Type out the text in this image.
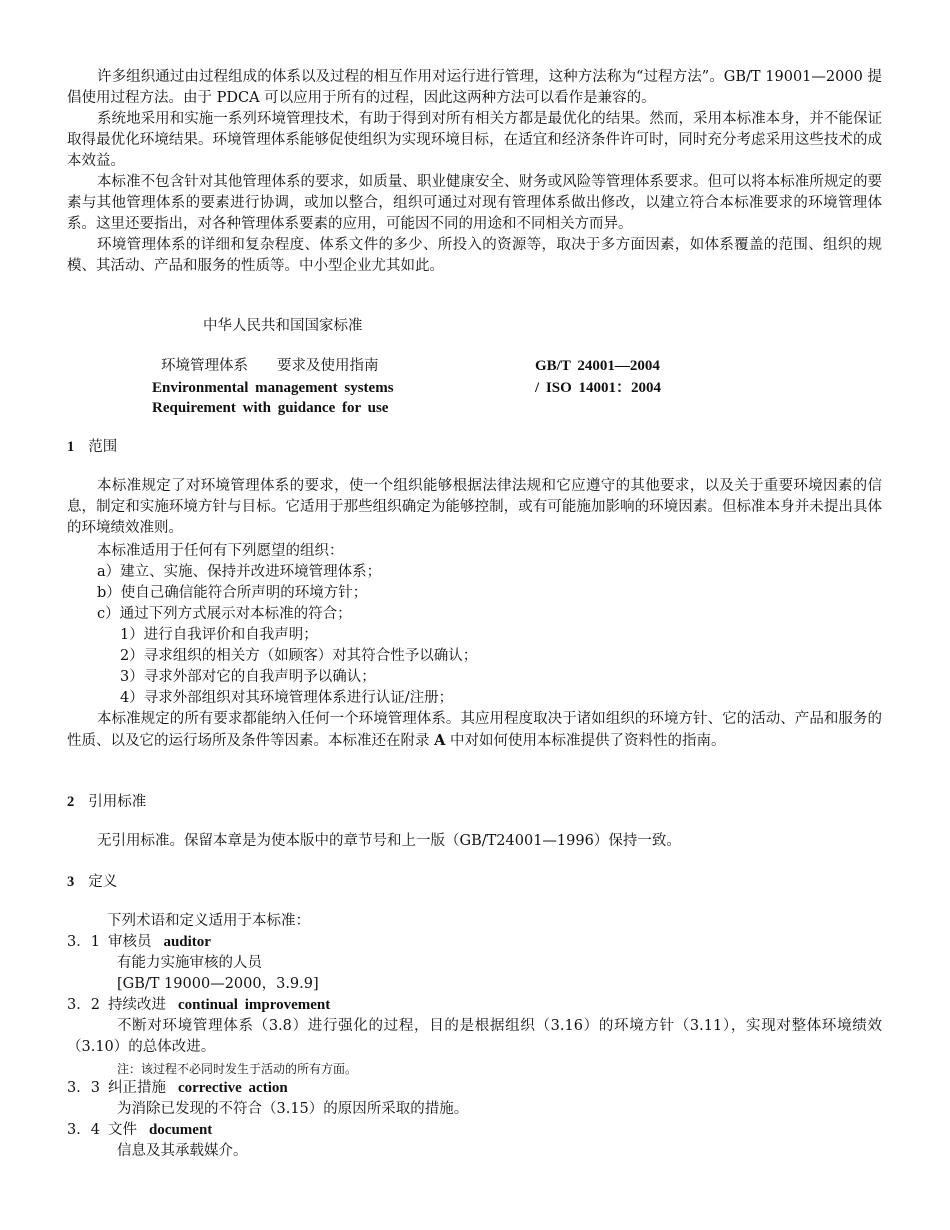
许多组织通过由过程组成的体系以及过程的相互作用对运行进行管理，这种方法称为“过程方法”。GB/T 19001—2000 提倡使用过程方法。由于 PDCA 可以应用于所有的过程，因此这两种方法可以看作是兼容的。
系统地采用和实施一系列环境管理技术，有助于得到对所有相关方都是最优化的结果。然而，采用本标准本身，并不能保证取得最优化环境结果。环境管理体系能够促使组织为实现环境目标，在适宜和经济条件许可时，同时充分考虑采用这些技术的成本效益。
本标准不包含针对其他管理体系的要求，如质量、职业健康安全、财务或风险等管理体系要求。但可以将本标准所规定的要素与其他管理体系的要素进行协调，或加以整合，组织可通过对现有管理体系做出修改，以建立符合本标准要求的环境管理体系。这里还要指出，对各种管理体系要素的应用，可能因不同的用途和不同相关方而异。
环境管理体系的详细和复杂程度、体系文件的多少、所投入的资源等，取决于多方面因素，如体系覆盖的范围、组织的规模、其活动、产品和服务的性质等。中小型企业尤其如此。
中华人民共和国国家标准
环境管理体系　　要求及使用指南
Environmental management systems
Requirement with guidance for use
GB/T 24001—2004
/ ISO 14001：2004
1 范围
本标准规定了对环境管理体系的要求，使一个组织能够根据法律法规和它应遵守的其他要求，以及关于重要环境因素的信息，制定和实施环境方针与目标。它适用于那些组织确定为能够控制，或有可能施加影响的环境因素。但标准本身并未提出具体的环境绩效准则。
本标准适用于任何有下列愿望的组织：
a）建立、实施、保持并改进环境管理体系；
b）使自己确信能符合所声明的环境方针；
c）通过下列方式展示对本标准的符合；
1）进行自我评价和自我声明；
2）寻求组织的相关方（如顾客）对其符合性予以确认；
3）寻求外部对它的自我声明予以确认；
4）寻求外部组织对其环境管理体系进行认证/注册；
本标准规定的所有要求都能纳入任何一个环境管理体系。其应用程度取决于诸如组织的环境方针、它的活动、产品和服务的性质、以及它的运行场所及条件等因素。本标准还在附录 A 中对如何使用本标准提供了资料性的指南。
2 引用标准
无引用标准。保留本章是为使本版中的章节号和上一版（GB/T24001—1996）保持一致。
3 定义
下列术语和定义适用于本标准：
3．1 审核员 auditor
有能力实施审核的人员
[GB/T 19000—2000，3.9.9]
3．2 持续改进 continual improvement
不断对环境管理体系（3.8）进行强化的过程，目的是根据组织（3.16）的环境方针（3.11），实现对整体环境绩效（3.10）的总体改进。
注：该过程不必同时发生于活动的所有方面。
3．3 纠正措施 corrective action
为消除已发现的不符合（3.15）的原因所采取的措施。
3．4 文件 document
信息及其承载媒介。
